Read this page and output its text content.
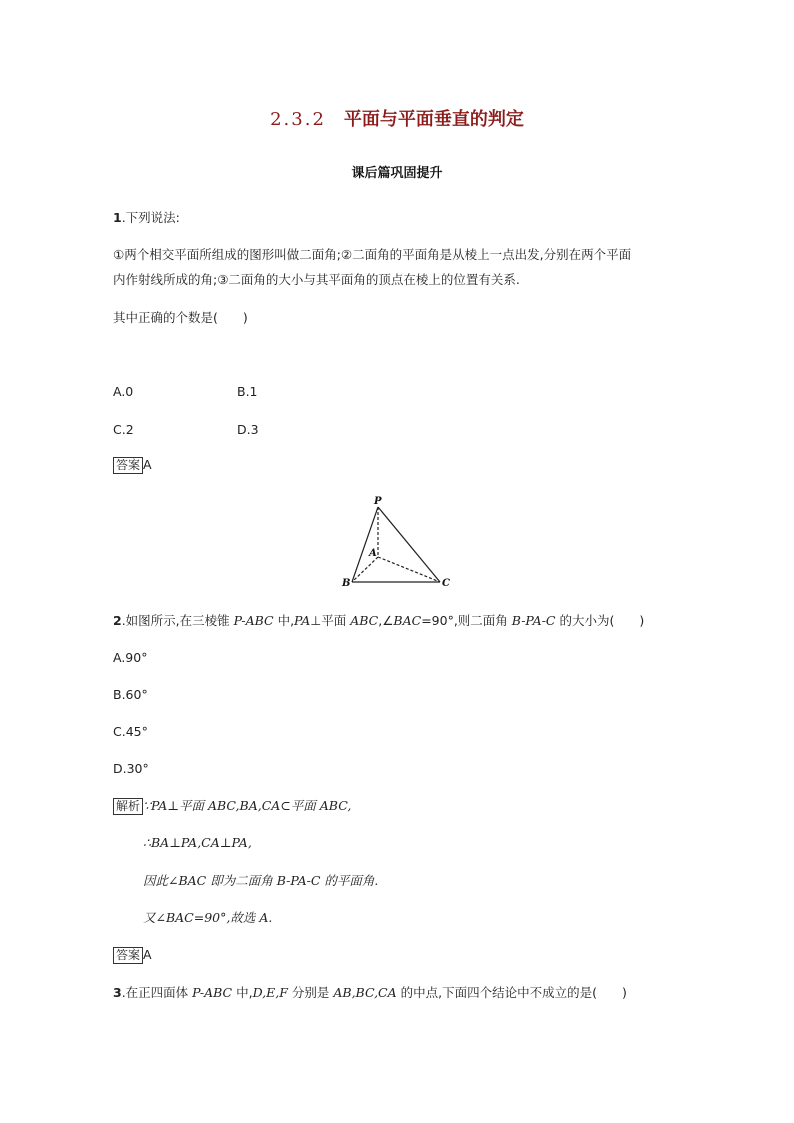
2.3.2 平面与平面垂直的判定
课后篇巩固提升
1.下列说法:
①两个相交平面所组成的图形叫做二面角;②二面角的平面角是从棱上一点出发,分别在两个平面
内作射线所成的角;③二面角的大小与其平面角的顶点在棱上的位置有关系.
其中正确的个数是(　　)
A.0	B.1
C.2	D.3
答案 A
P
A
B	C
2.如图所示,在三棱锥 P-ABC 中,PA⊥平面 ABC,∠BAC=90°,则二面角 B-PA-C 的大小为(　　)
A.90°
B.60°
C.45°
D.30°
解析 ∵PA⊥平面 ABC,BA,CA⊂平面 ABC,
∴BA⊥PA,CA⊥PA,
因此∠BAC 即为二面角 B-PA-C 的平面角.
又∠BAC=90°,故选 A.
答案 A
3.在正四面体 P-ABC 中,D,E,F 分别是 AB,BC,CA 的中点,下面四个结论中不成立的是(　　)
